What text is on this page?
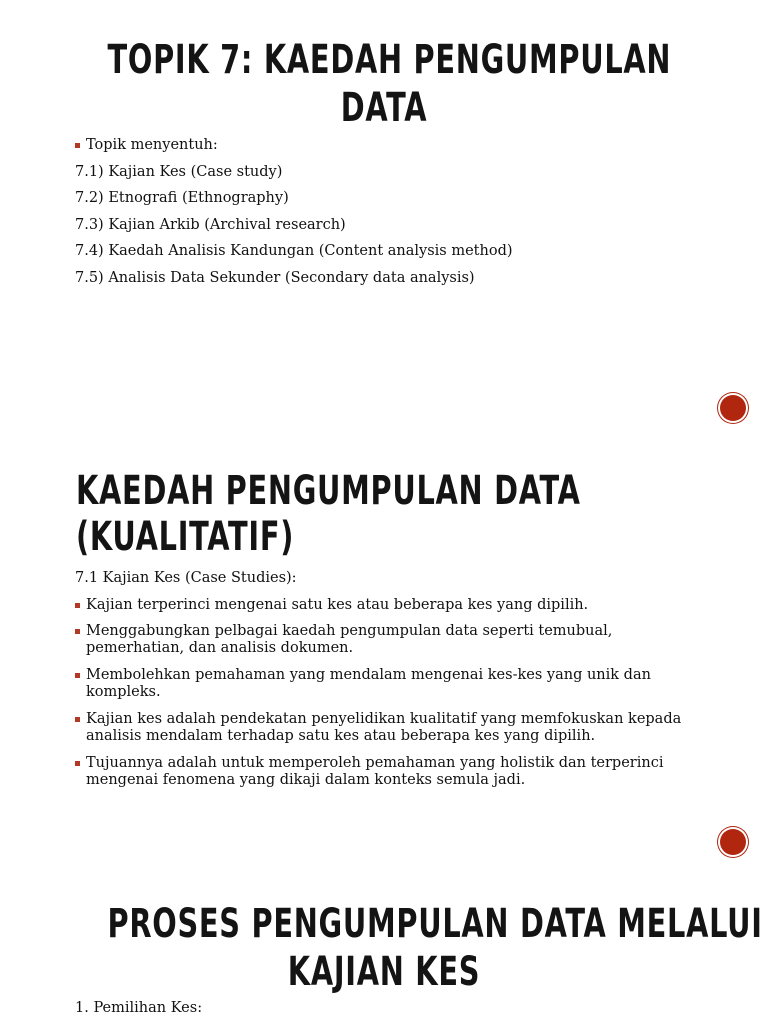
TOPIK 7: KAEDAH PENGUMPULAN
DATA

Topik menyentuh:

7.1) Kajian Kes (Case study)

7.2) Etnografi (Ethnography)

7.3) Kajian Arkib (Archival research)

7.4) Kaedah Analisis Kandungan (Content analysis method)

7.5) Analisis Data Sekunder (Secondary data analysis)

KAEDAH PENGUMPULAN DATA
(KUALITATIF)

7.1 Kajian Kes (Case Studies):

Kajian terperinci mengenai satu kes atau beberapa kes yang dipilih.

Menggabungkan pelbagai kaedah pengumpulan data seperti temubual, pemerhatian, dan analisis dokumen.

Membolehkan pemahaman yang mendalam mengenai kes-kes yang unik dan kompleks.

Kajian kes adalah pendekatan penyelidikan kualitatif yang memfokuskan kepada analisis mendalam terhadap satu kes atau beberapa kes yang dipilih.

Tujuannya adalah untuk memperoleh pemahaman yang holistik dan terperinci mengenai fenomena yang dikaji dalam konteks semula jadi.

PROSES PENGUMPULAN DATA MELALUI
KAJIAN KES

1. Pemilihan Kes:
